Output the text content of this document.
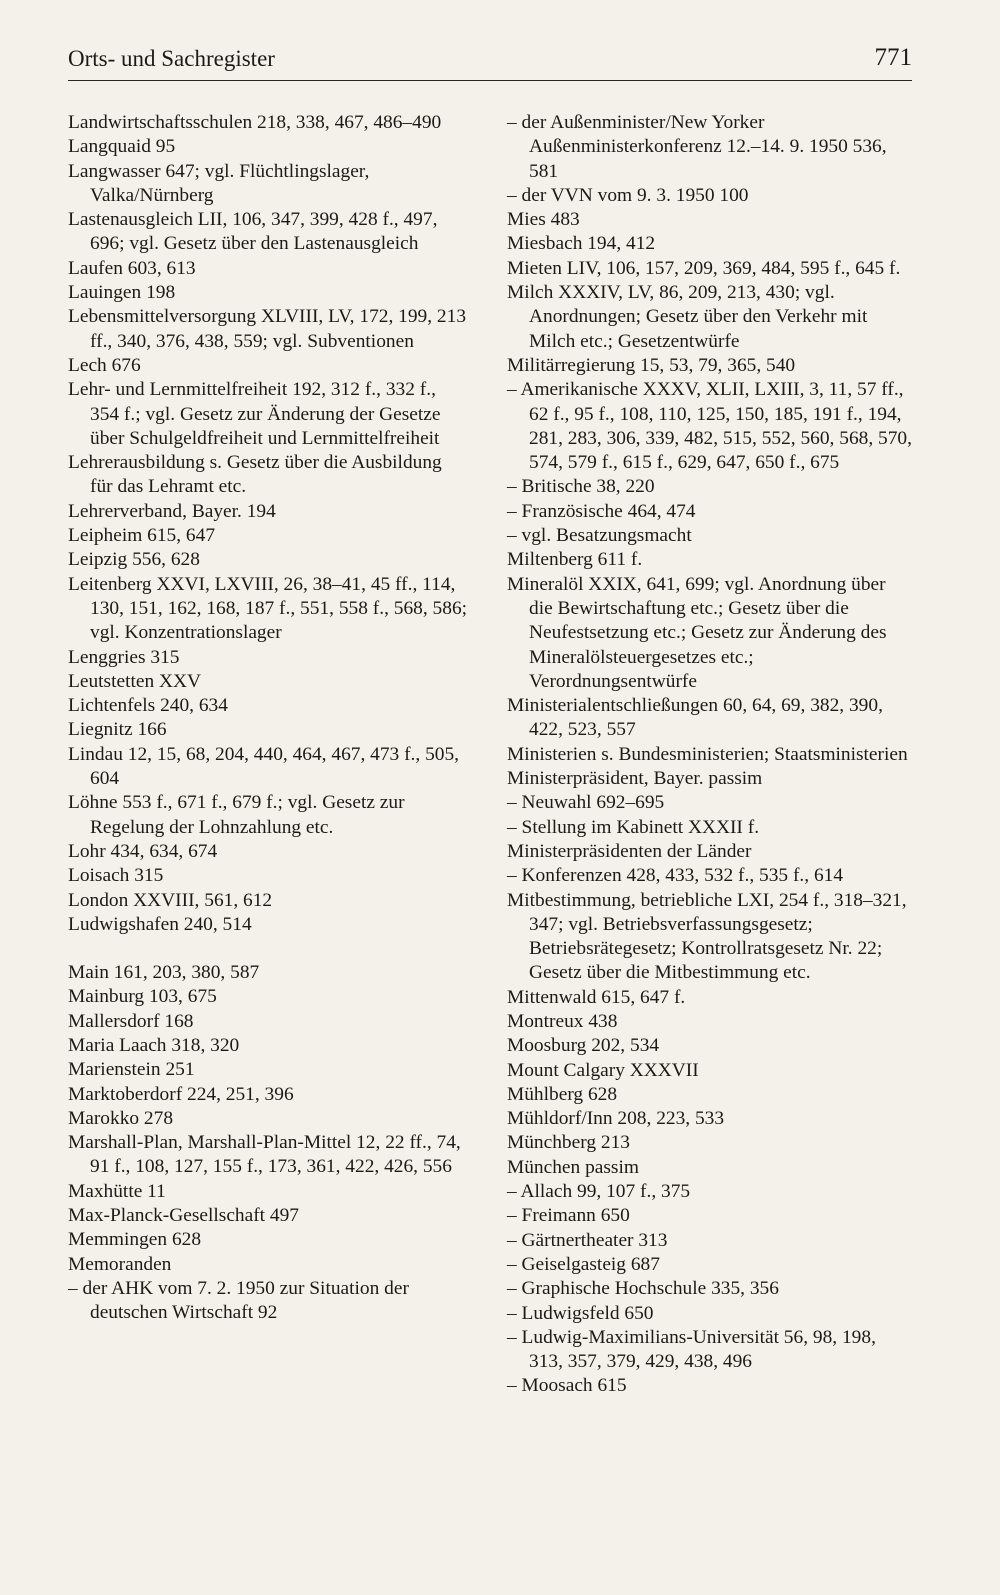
Orts- und Sachregister	771
Landwirtschaftsschulen 218, 338, 467, 486–490
Langquaid 95
Langwasser 647; vgl. Flüchtlingslager, Valka/Nürnberg
Lastenausgleich LII, 106, 347, 399, 428 f., 497, 696; vgl. Gesetz über den Lastenausgleich
Laufen 603, 613
Lauingen 198
Lebensmittelversorgung XLVIII, LV, 172, 199, 213 ff., 340, 376, 438, 559; vgl. Subventionen
Lech 676
Lehr- und Lernmittelfreiheit 192, 312 f., 332 f., 354 f.; vgl. Gesetz zur Änderung der Gesetze über Schulgeldfreiheit und Lernmittelfreiheit
Lehrerausbildung s. Gesetz über die Ausbildung für das Lehramt etc.
Lehrerverband, Bayer. 194
Leipheim 615, 647
Leipzig 556, 628
Leitenberg XXVI, LXVIII, 26, 38–41, 45 ff., 114, 130, 151, 162, 168, 187 f., 551, 558 f., 568, 586; vgl. Konzentrationslager
Lenggries 315
Leutstetten XXV
Lichtenfels 240, 634
Liegnitz 166
Lindau 12, 15, 68, 204, 440, 464, 467, 473 f., 505, 604
Löhne 553 f., 671 f., 679 f.; vgl. Gesetz zur Regelung der Lohnzahlung etc.
Lohr 434, 634, 674
Loisach 315
London XXVIII, 561, 612
Ludwigshafen 240, 514
Main 161, 203, 380, 587
Mainburg 103, 675
Mallersdorf 168
Maria Laach 318, 320
Marienstein 251
Marktoberdorf 224, 251, 396
Marokko 278
Marshall-Plan, Marshall-Plan-Mittel 12, 22 ff., 74, 91 f., 108, 127, 155 f., 173, 361, 422, 426, 556
Maxhütte 11
Max-Planck-Gesellschaft 497
Memmingen 628
Memoranden
– der AHK vom 7. 2. 1950 zur Situation der deutschen Wirtschaft 92
– der Außenminister/New Yorker Außenministerkonferenz 12.–14. 9. 1950 536, 581
– der VVN vom 9. 3. 1950 100
Mies 483
Miesbach 194, 412
Mieten LIV, 106, 157, 209, 369, 484, 595 f., 645 f.
Milch XXXIV, LV, 86, 209, 213, 430; vgl. Anordnungen; Gesetz über den Verkehr mit Milch etc.; Gesetzentwürfe
Militärregierung 15, 53, 79, 365, 540
– Amerikanische XXXV, XLII, LXIII, 3, 11, 57 ff., 62 f., 95 f., 108, 110, 125, 150, 185, 191 f., 194, 281, 283, 306, 339, 482, 515, 552, 560, 568, 570, 574, 579 f., 615 f., 629, 647, 650 f., 675
– Britische 38, 220
– Französische 464, 474
– vgl. Besatzungsmacht
Miltenberg 611 f.
Mineralöl XXIX, 641, 699; vgl. Anordnung über die Bewirtschaftung etc.; Gesetz über die Neufestsetzung etc.; Gesetz zur Änderung des Mineralölsteuergesetzes etc.; Verordnungsentwürfe
Ministerialentschließungen 60, 64, 69, 382, 390, 422, 523, 557
Ministerien s. Bundesministerien; Staatsministerien
Ministerpräsident, Bayer. passim
– Neuwahl 692–695
– Stellung im Kabinett XXXII f.
Ministerpräsidenten der Länder
– Konferenzen 428, 433, 532 f., 535 f., 614
Mitbestimmung, betriebliche LXI, 254 f., 318–321, 347; vgl. Betriebsverfassungsgesetz; Betriebsrätegesetz; Kontrollratsgesetz Nr. 22; Gesetz über die Mitbestimmung etc.
Mittenwald 615, 647 f.
Montreux 438
Moosburg 202, 534
Mount Calgary XXXVII
Mühlberg 628
Mühldorf/Inn 208, 223, 533
Münchberg 213
München passim
– Allach 99, 107 f., 375
– Freimann 650
– Gärtnertheater 313
– Geiselgasteig 687
– Graphische Hochschule 335, 356
– Ludwigsfeld 650
– Ludwig-Maximilians-Universität 56, 98, 198, 313, 357, 379, 429, 438, 496
– Moosach 615
